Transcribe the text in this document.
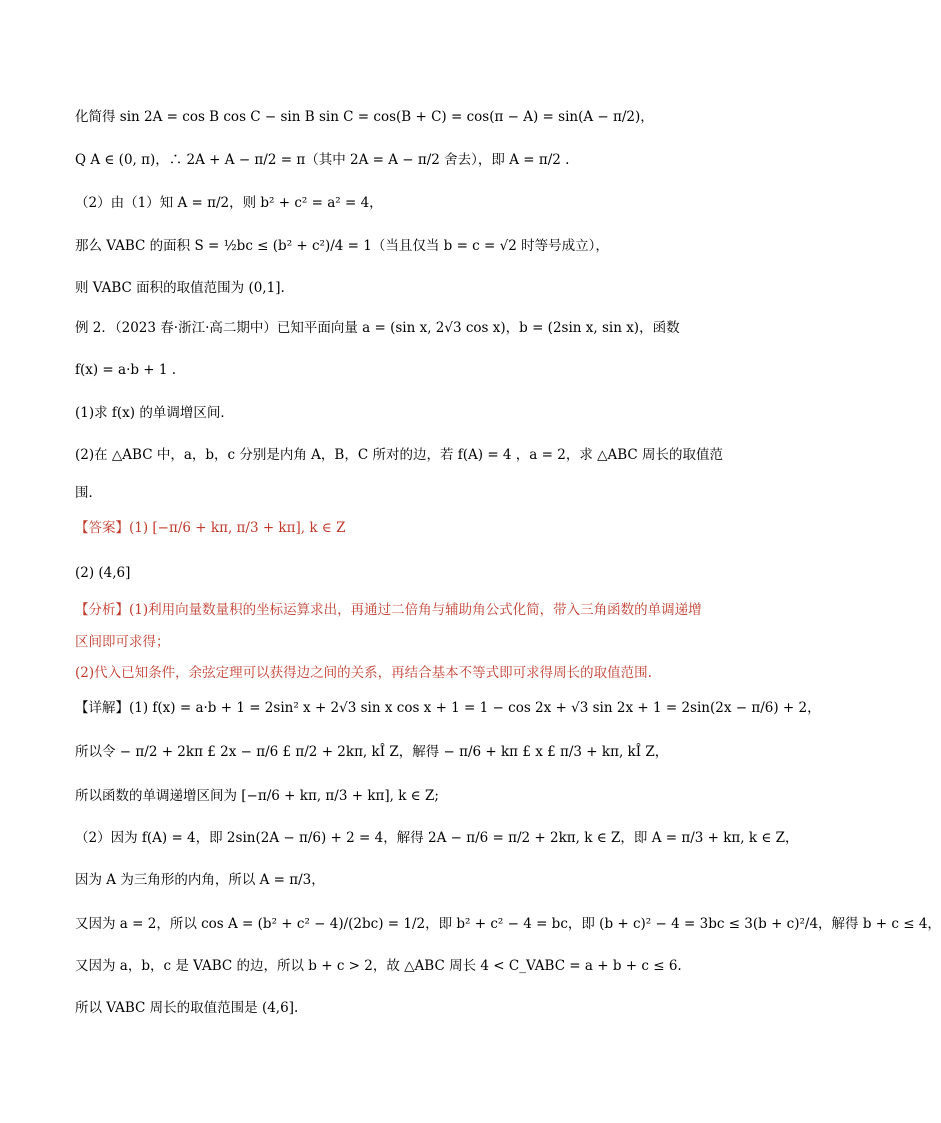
化简得 sin 2A = cos B cos C − sin B sin C = cos(B + C) = cos(π − A) = sin(A − π/2)，
Q A ∈ (0, π)，∴ 2A + A − π/2 = π（其中 2A = A − π/2 舍去），即 A = π/2 .
（2）由（1）知 A = π/2，则 b² + c² = a² = 4，
那么 VABC 的面积 S = ½bc ≤ (b² + c²)/4 = 1（当且仅当 b = c = √2 时等号成立），
则 VABC 面积的取值范围为 (0,1].
例 2．（2023 春·浙江·高二期中）已知平面向量 a = (sin x, 2√3 cos x)，b = (2sin x, sin x)，函数
f(x) = a·b + 1 .
(1)求 f(x) 的单调增区间．
(2)在 △ABC 中，a，b，c 分别是内角 A，B，C 所对的边，若 f(A) = 4 ，a = 2，求 △ABC 周长的取值范
围．
【答案】(1) [−π/6 + kπ, π/3 + kπ], k ∈ Z
(2) (4,6]
【分析】(1)利用向量数量积的坐标运算求出，再通过二倍角与辅助角公式化简，带入三角函数的单调递增
区间即可求得；
(2)代入已知条件，余弦定理可以获得边之间的关系，再结合基本不等式即可求得周长的取值范围.
【详解】(1) f(x) = a·b + 1 = 2sin² x + 2√3 sin x cos x + 1 = 1 − cos 2x + √3 sin 2x + 1 = 2sin(2x − π/6) + 2，
所以令 − π/2 + 2kπ £ 2x − π/6 £ π/2 + 2kπ, kÎ Z，解得 − π/6 + kπ £ x £ π/3 + kπ, kÎ Z，
所以函数的单调递增区间为 [−π/6 + kπ, π/3 + kπ], k ∈ Z;
（2）因为 f(A) = 4，即 2sin(2A − π/6) + 2 = 4，解得 2A − π/6 = π/2 + 2kπ, k ∈ Z，即 A = π/3 + kπ, k ∈ Z，
因为 A 为三角形的内角，所以 A = π/3，
又因为 a = 2，所以 cos A = (b² + c² − 4)/(2bc) = 1/2，即 b² + c² − 4 = bc，即 (b + c)² − 4 = 3bc ≤ 3(b + c)²/4，解得 b + c ≤ 4，
又因为 a，b，c 是 VABC 的边，所以 b + c > 2，故 △ABC 周长 4 < C_VABC = a + b + c ≤ 6.
所以 VABC 周长的取值范围是 (4,6].
